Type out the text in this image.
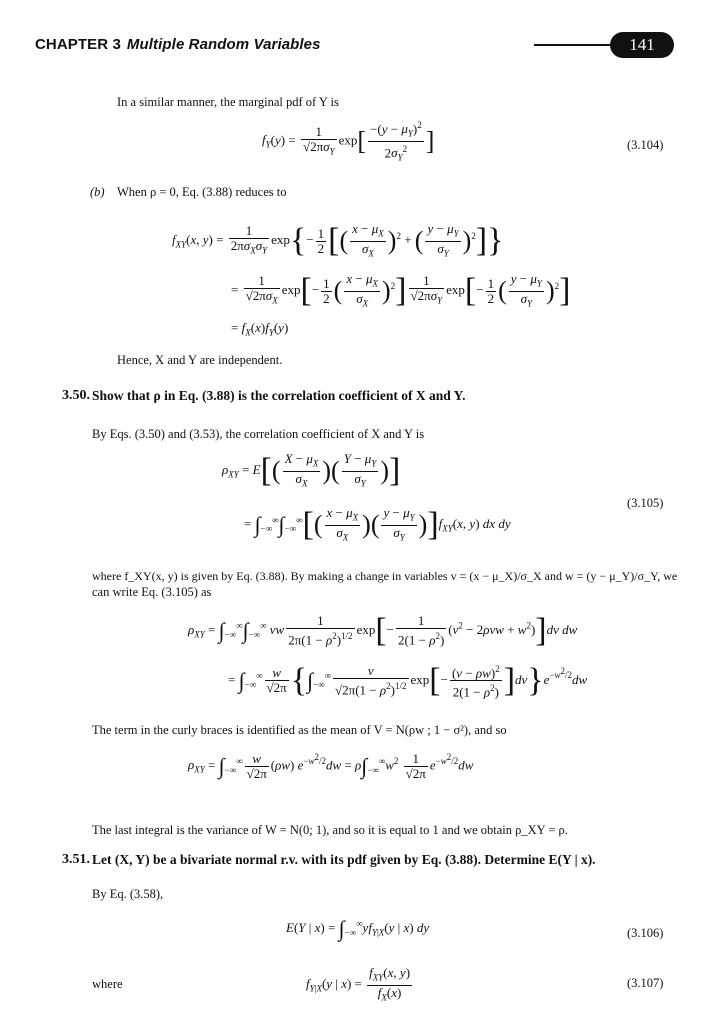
CHAPTER 3 Multiple Random Variables	141
In a similar manner, the marginal pdf of Y is
$f_Y(y) = \frac{1}{√2\pi\sigma_Y} \exp[ \frac{-(y - \mu_Y)^2}{2\sigma_Y^2}$ ]	(3.104)
(b) When ρ = 0, Eq. (3.88) reduces to
$f_{XY}(x$, $y) = \frac{1}{2\pi\sigma_X\sigma_Y} \exp\{- \frac{1}{2}$ [( $\frac{x - \mu_X}{\sigma_X} )^2$ + ( $\frac{y - \mu_Y}{\sigma_Y} )^2$]}
= $\frac{1}{√2\pi\sigma_X} \exp[- \frac{1}{2}$ ( $\frac{x - \mu_X}{\sigma_X} )^2] \frac{1}{√2\pi\sigma_Y} \exp[- \frac{1}{2}$ ( $\frac{y - \mu_Y}{\sigma_Y} )^2$]
= $f_X(x)f_Y(y)$
Hence, X and Y are independent.
3.50. Show that ρ in Eq. (3.88) is the correlation coefficient of X and Y.
By Eqs. (3.50) and (3.53), the correlation coefficient of X and Y is
$\rho_{XY} = E[( \frac{X - \mu_X}{\sigma_X}$ )( $\frac{Y - \mu_Y}{\sigma_Y}$ )]
= $\int_{-\infty}^\infty\int_{-\infty}^\infty[( \frac{x - \mu_X}{\sigma_X}$ )( $\frac{y - \mu_Y}{\sigma_Y} )]f_{XY}(x$, y) dx dy
(3.105)
where f_XY(x, y) is given by Eq. (3.88). By making a change in variables v = (x − μ_X)/σ_X and w = (y − μ_Y)/σ_Y, we
can write Eq. (3.105) as
$\rho_{XY} = \int_{-\infty}^\infty\int_{-\infty}^\infty$ vw $\frac{1}{2\pi(1 - \rho^2)^{1/2}} \exp[- \frac{1}{2(1 - \rho^2)} (v^2 - 2\rho vw + w^2)]dv$ dw
= $\int_{-\infty}^\infty \frac{w}{√2\pi} \{\int_{-\infty}^\infty \frac{v}{√2\pi(1 - \rho^2)^{1/2}} \exp[- \frac{(v - \rho w)^2}{2(1 - \rho^2)} ]dv\}e^{-w^2/2}dw$
The term in the curly braces is identified as the mean of V = N(ρw ; 1 − σ²), and so
$\rho_{XY} = \int_{-\infty}^\infty \frac{w}{√2\pi} (\rho w) e^{-w^2/2}dw = \rho\int_{-\infty}^\infty w^2 \frac{1}{√2\pi} e^{-w^2/2}dw$
The last integral is the variance of W = N(0; 1), and so it is equal to 1 and we obtain ρ_XY = ρ.
3.51. Let (X, Y) be a bivariate normal r.v. with its pdf given by Eq. (3.88). Determine E(Y | x).
By Eq. (3.58),
E(Y | $x) = \int_{-\infty}^\infty yf_{Y|X}(y$ | x) dy	(3.106)
where	$f_{Y|X}(y$ | $x) = \frac{f_{XY}(x, y)}{f_X(x)}$	(3.107)
